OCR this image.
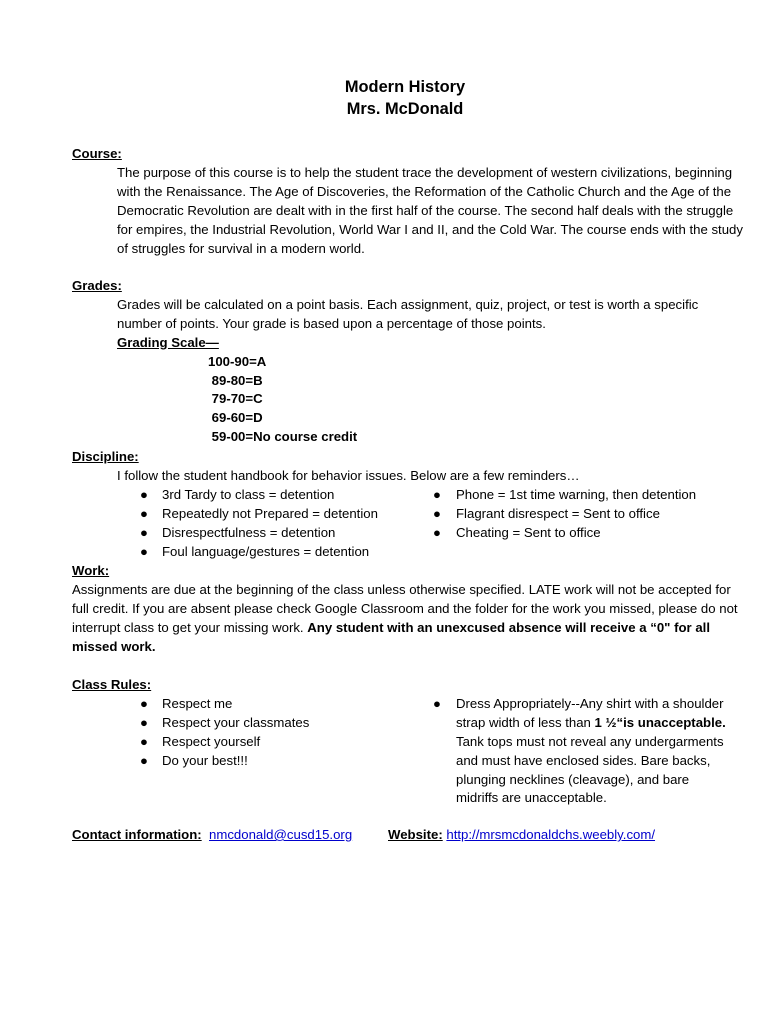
Modern History
Mrs. McDonald
Course:
The purpose of this course is to help the student trace the development of western civilizations, beginning with the Renaissance. The Age of Discoveries, the Reformation of the Catholic Church and the Age of the Democratic Revolution are dealt with in the first half of the course. The second half deals with the struggle for empires, the Industrial Revolution, World War I and II, and the Cold War. The course ends with the study of struggles for survival in a modern world.
Grades:
Grades will be calculated on a point basis. Each assignment, quiz, project, or test is worth a specific number of points. Your grade is based upon a percentage of those points.
Grading Scale—
100-90=A
89-80=B
79-70=C
69-60=D
59-00=No course credit
Discipline:
I follow the student handbook for behavior issues. Below are a few reminders…
● 3rd Tardy to class = detention
● Repeatedly not Prepared = detention
● Disrespectfulness = detention
● Foul language/gestures = detention
● Phone = 1st time warning, then detention
● Flagrant disrespect = Sent to office
● Cheating = Sent to office
Work:
Assignments are due at the beginning of the class unless otherwise specified. LATE work will not be accepted for full credit. If you are absent please check Google Classroom and the folder for the work you missed, please do not interrupt class to get your missing work. Any student with an unexcused absence will receive a “0" for all missed work.
Class Rules:
● Respect me
● Respect your classmates
● Respect yourself
● Do your best!!!
● Dress Appropriately--Any shirt with a shoulder strap width of less than 1 ½“is unacceptable. Tank tops must not reveal any undergarments and must have enclosed sides. Bare backs, plunging necklines (cleavage), and bare midriffs are unacceptable.
Contact information: nmcdonald@cusd15.org	Website: http://mrsmcdonaldchs.weebly.com/
